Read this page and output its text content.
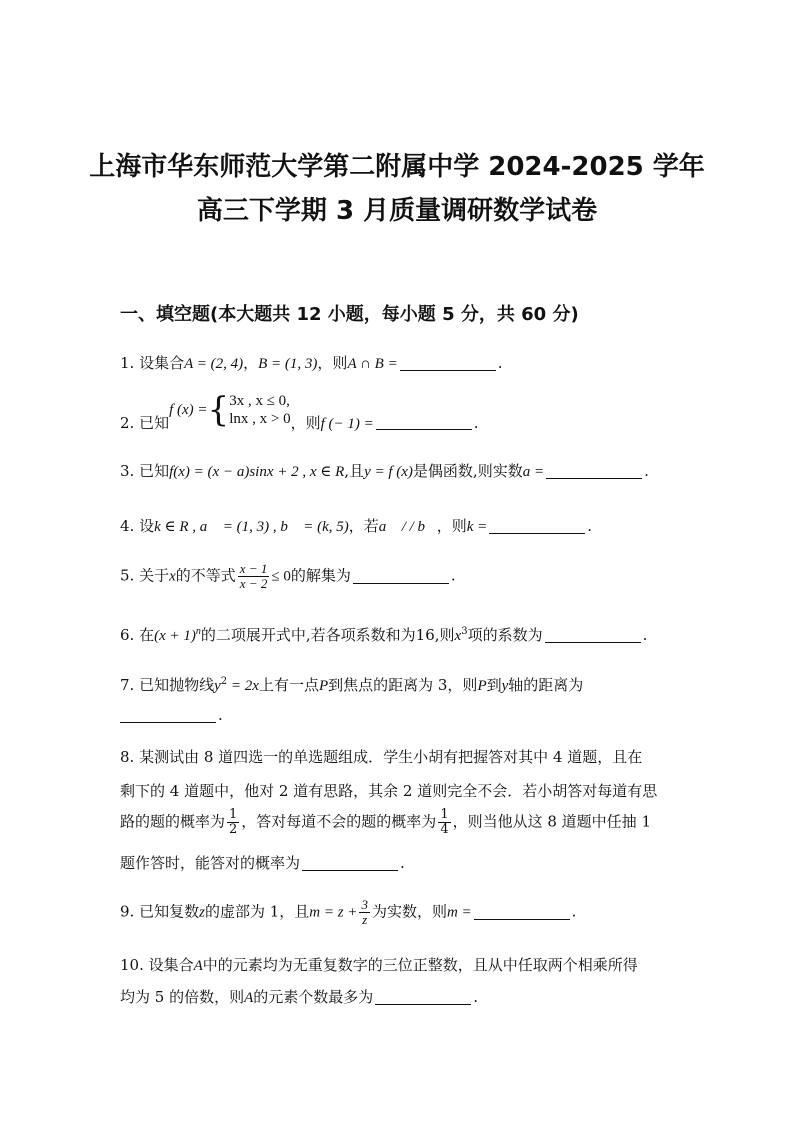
上海市华东师范大学第二附属中学 2024-2025 学年
高三下学期 3 月质量调研数学试卷
一、填空题(本大题共 12 小题，每小题 5 分，共 60 分)
1. 设集合A = (2, 4)，B = (1, 3)，则A ∩ B =	.
2. 已知f (x) ={ 3x , x ≤ 0,
lnx , x > 0 ，则f (− 1) =	.
3. 已知f(x) = (x − a)sinx + 2 , x ∈ R,且y = f (x)是偶函数,则实数a =	.
4. 设k ∈ R , a⃗ = (1, 3) , b⃗ = (k, 5)，若a⃗ / / b⃗，则k =	.
5. 关于x的不等式 $\frac{x - 1}{x - 2} \le 0$的解集为	.
6. 在$(x + 1)^n$的二项展开式中,若各项系数和为16,则$x^3$项的系数为	.
7. 已知抛物线$y^2 = 2x$上有一点P到焦点的距离为 3，则P到y轴的距离为
.
8. 某测试由 8 道四选一的单选题组成．学生小胡有把握答对其中 4 道题，且在
剩下的 4 道题中，他对 2 道有思路，其余 2 道则完全不会．若小胡答对每道有思
路的题的概率为 $\frac{1}{2}$ ，答对每道不会的题的概率为 $\frac{1}{4}$ ，则当他从这 8 道题中任抽 1
题作答时，能答对的概率为	.
9. 已知复数z的虚部为 1，且$m = z + \frac{3}{z}$ 为实数，则m =	.
10. 设集合A中的元素均为无重复数字的三位正整数，且从中任取两个相乘所得
均为 5 的倍数，则A的元素个数最多为	.
